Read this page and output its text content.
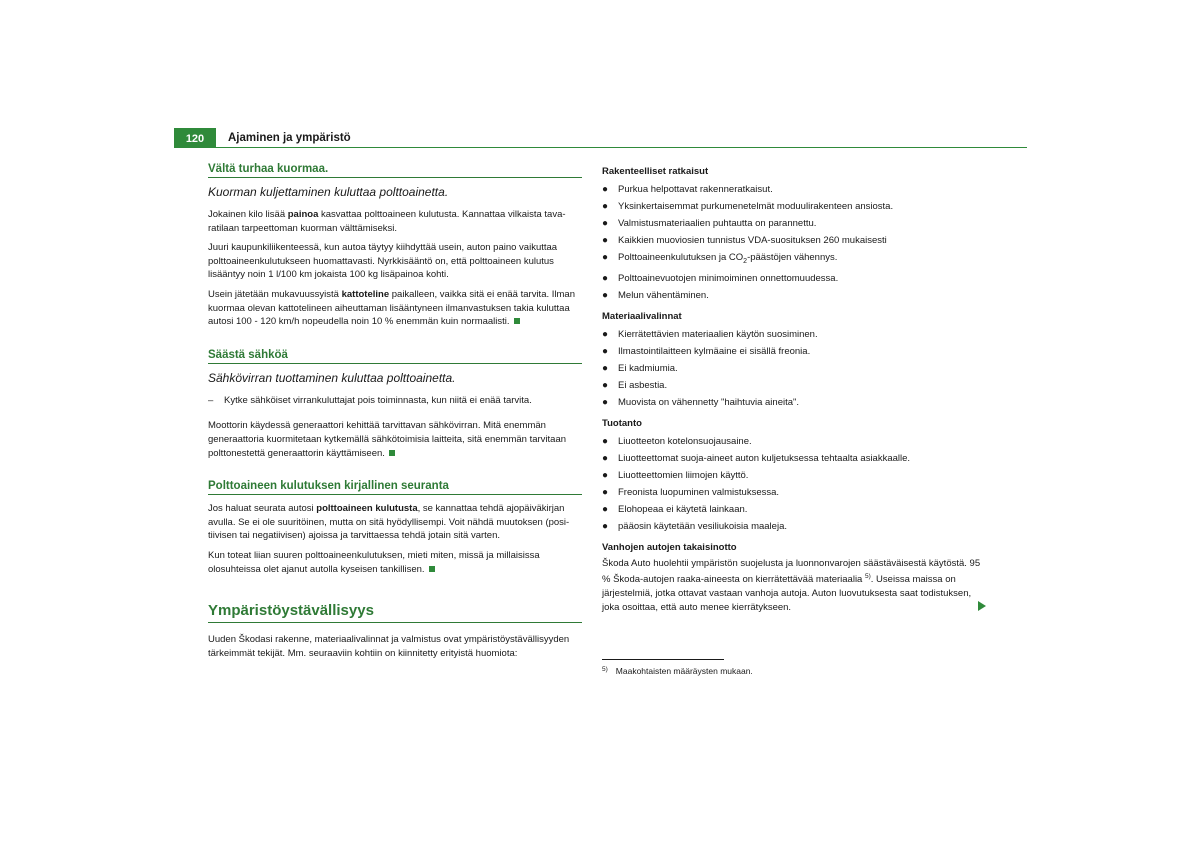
120	Ajaminen ja ympäristö
Vältä turhaa kuormaa.
Kuorman kuljettaminen kuluttaa polttoainetta.

Jokainen kilo lisää painoa kasvattaa polttoaineen kulutusta. Kannattaa vilkaista tava-ratilaan tarpeettoman kuorman välttämiseksi.

Juuri kaupunkiliikenteessä, kun autoa täytyy kiihdyttää usein, auton paino vaikuttaa polttoaineenkulutukseen huomattavasti. Nyrkkisääntö on, että polttoaineen kulutus lisääntyy noin 1 l/100 km jokaista 100 kg lisäpainoa kohti.

Usein jätetään mukavuussyistä kattoteline paikalleen, vaikka sitä ei enää tarvita. Ilman kuormaa olevan kattotelineen aiheuttaman lisääntyneen ilmanvastuksen takia kuluttaa autosi 100 - 120 km/h nopeudella noin 10 % enemmän kuin normaalisti.

Säästä sähköä
Sähkövirran tuottaminen kuluttaa polttoainetta.
– Kytke sähköiset virrankuluttajat pois toiminnasta, kun niitä ei enää tarvita.

Moottorin käydessä generaattori kehittää tarvittavan sähkövirran. Mitä enemmän generaattoria kuormitetaan kytkemällä sähkötoimisia laitteita, sitä enemmän tarvitaan polttonestettä generaattorin käyttämiseen.

Polttoaineen kulutuksen kirjallinen seuranta

Jos haluat seurata autosi polttoaineen kulutusta, se kannattaa tehdä ajopäiväkirjan avulla. Se ei ole suuritöinen, mutta on sitä hyödyllisempi. Voit nähdä muutoksen (posi-tiivisen tai negatiivisen) ajoissa ja tarvittaessa tehdä jotain sitä varten.

Kun toteat liian suuren polttoaineenkulutuksen, mieti miten, missä ja millaisissa olosuhteissa olet ajanut autolla kyseisen tankillisen.

Ympäristöystävällisyys

Uuden Škodasi rakenne, materiaalivalinnat ja valmistus ovat ympäristöystävällisyyden tärkeimmät tekijät. Mm. seuraaviin kohtiin on kiinnitetty erityistä huomiota:

Rakenteelliset ratkaisut
● Purkua helpottavat rakenneratkaisut.
● Yksinkertaisemmat purkumenetelmät moduulirakenteen ansiosta.
● Valmistusmateriaalien puhtautta on parannettu.
● Kaikkien muoviosien tunnistus VDA-suosituksen 260 mukaisesti
● Polttoaineenkulutuksen ja $CO_2$-päästöjen vähennys.
● Polttoainevuotojen minimoiminen onnettomuudessa.
● Melun vähentäminen.
Materiaalivalinnat
● Kierrätettävien materiaalien käytön suosiminen.
● Ilmastointilaitteen kylmäaine ei sisällä freonia.
● Ei kadmiumia.
● Ei asbestia.
● Muovista on vähennetty "haihtuvia aineita".
Tuotanto
● Liuotteeton kotelonsuojausaine.
● Liuotteettomat suoja-aineet auton kuljetuksessa tehtaalta asiakkaalle.
● Liuotteettomien liimojen käyttö.
● Freonista luopuminen valmistuksessa.
● Elohopeaa ei käytetä lainkaan.
● pääosin käytetään vesiliukoisia maaleja.
Vanhojen autojen takaisinotto

Škoda Auto huolehtii ympäristön suojelusta ja luonnonvarojen säästäväisestä käytöstä. 95 % Škoda-autojen raaka-aineesta on kierrätettävää materiaalia $^{5)}$. Useissa maissa on järjestelmiä, jotka ottavat vastaan vanhoja autoja. Auton luovutuksesta saat todistuksen, joka osoittaa, että auto menee kierrätykseen.

$^{5)}$ Maakohtaisten määräysten mukaan.
